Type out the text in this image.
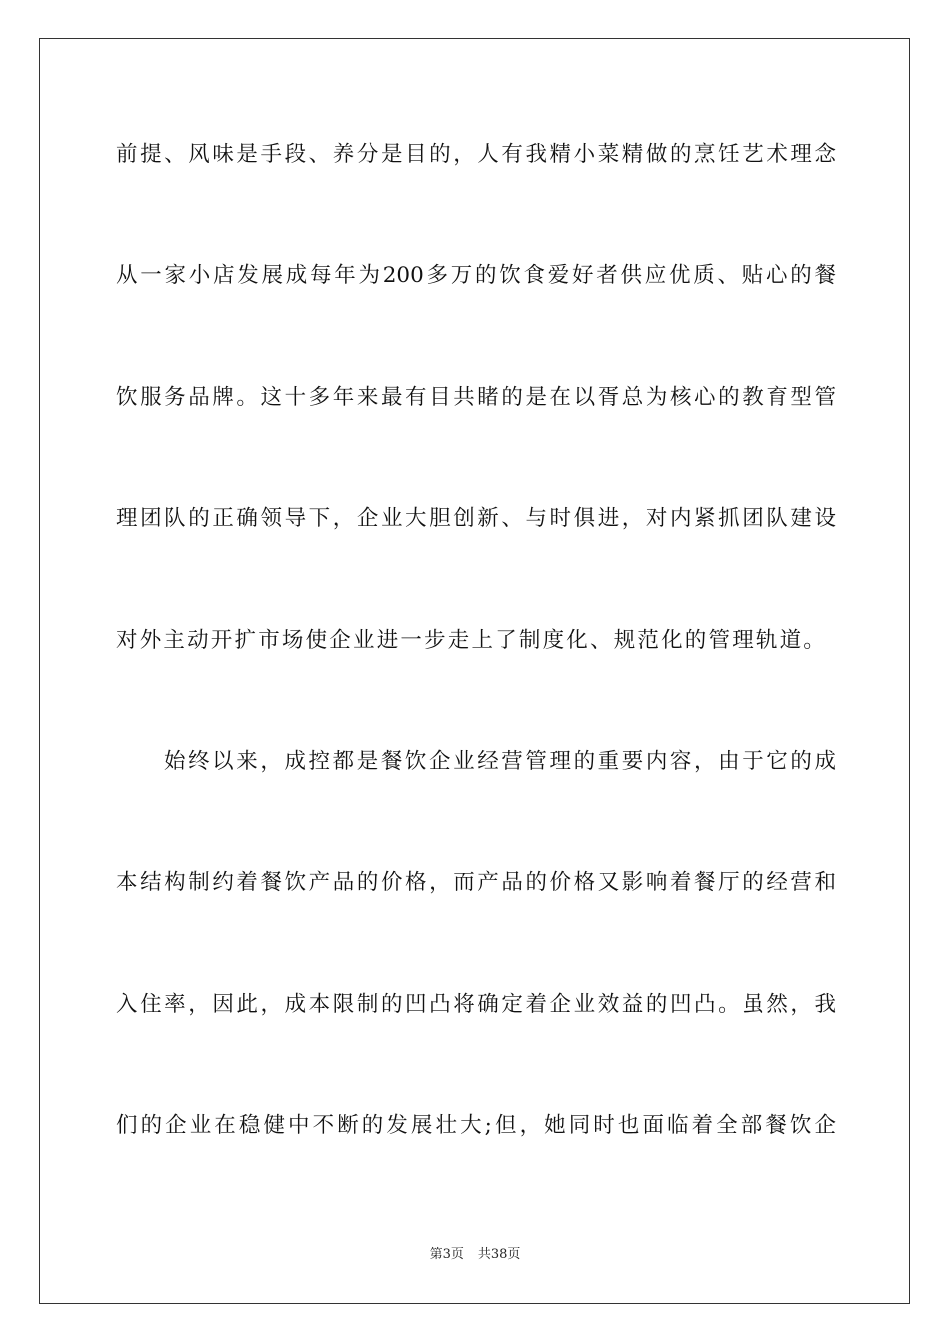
前提、风味是手段、养分是目的，人有我精小菜精做的烹饪艺术理念
从一家小店发展成每年为200多万的饮食爱好者供应优质、贴心的餐
饮服务品牌。这十多年来最有目共睹的是在以胥总为核心的教育型管
理团队的正确领导下，企业大胆创新、与时俱进，对内紧抓团队建设
对外主动开扩市场使企业进一步走上了制度化、规范化的管理轨道。
始终以来，成控都是餐饮企业经营管理的重要内容，由于它的成
本结构制约着餐饮产品的价格，而产品的价格又影响着餐厅的经营和
入住率，因此，成本限制的凹凸将确定着企业效益的凹凸。虽然，我
们的企业在稳健中不断的发展壮大;但，她同时也面临着全部餐饮企
第3页 共38页
